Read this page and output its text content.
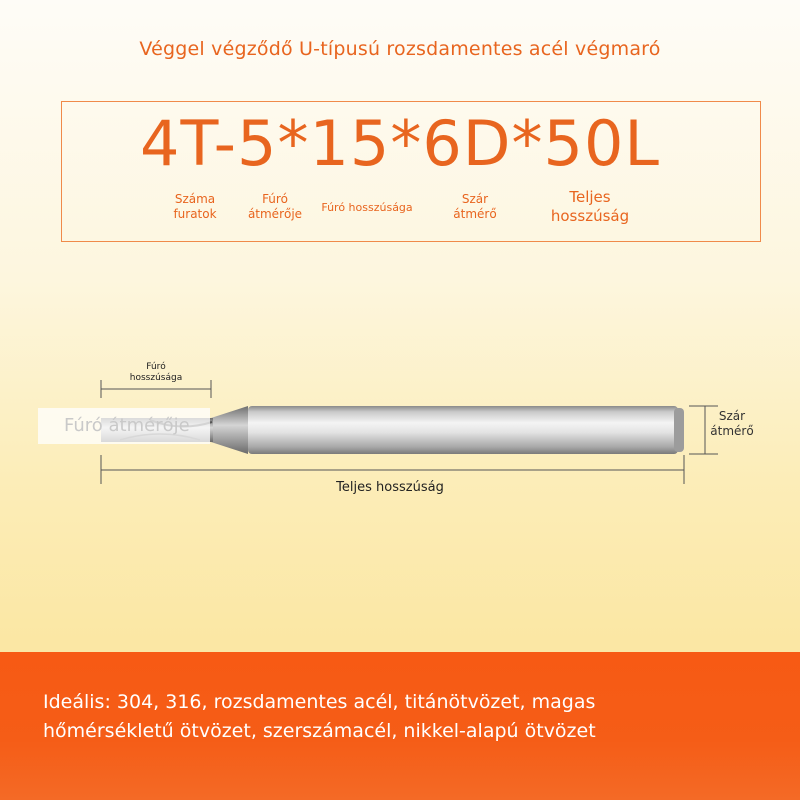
Véggel végződő U-típusú rozsdamentes acél végmaró
4T-5*15*6D*50L
Száma
furatok
Fúró
átmérője	Fúró hosszúsága
Szár
átmérő
Teljes
hosszúság
Fúró átmérője
Fúró
hosszúsága
Szár
átmérő
Teljes hosszúság
Ideális: 304, 316, rozsdamentes acél, titánötvözet, magas
hőmérsékletű ötvözet, szerszámacél, nikkel-alapú ötvözet
